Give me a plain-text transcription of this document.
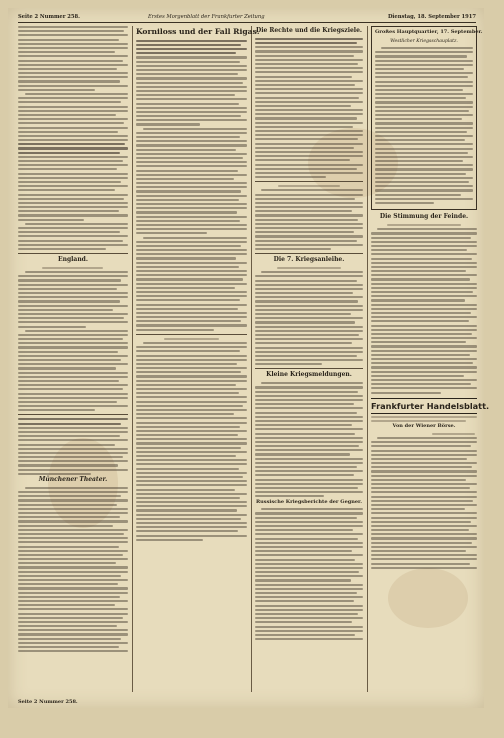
Seite 2 Nummer 258.	Erstes Morgenblatt der Frankfurter Zeitung	Dienstag, 18. September 1917
England.
Münchener Theater.
Korniloss und der Fall Rigas.
Die Rechte und die Kriegsziele.
Die 7. Kriegsanleihe.
Kleine Kriegsmeldungen.
Russische Kriegsberichte der Gegner.
Großes Hauptquartier, 17. September.
Westlicher Kriegsschauplatz.
Die Stimmung der Feinde.
Frankfurter Handelsblatt.
Von der Wiener Börse.
Seite 2 Nummer 258.
